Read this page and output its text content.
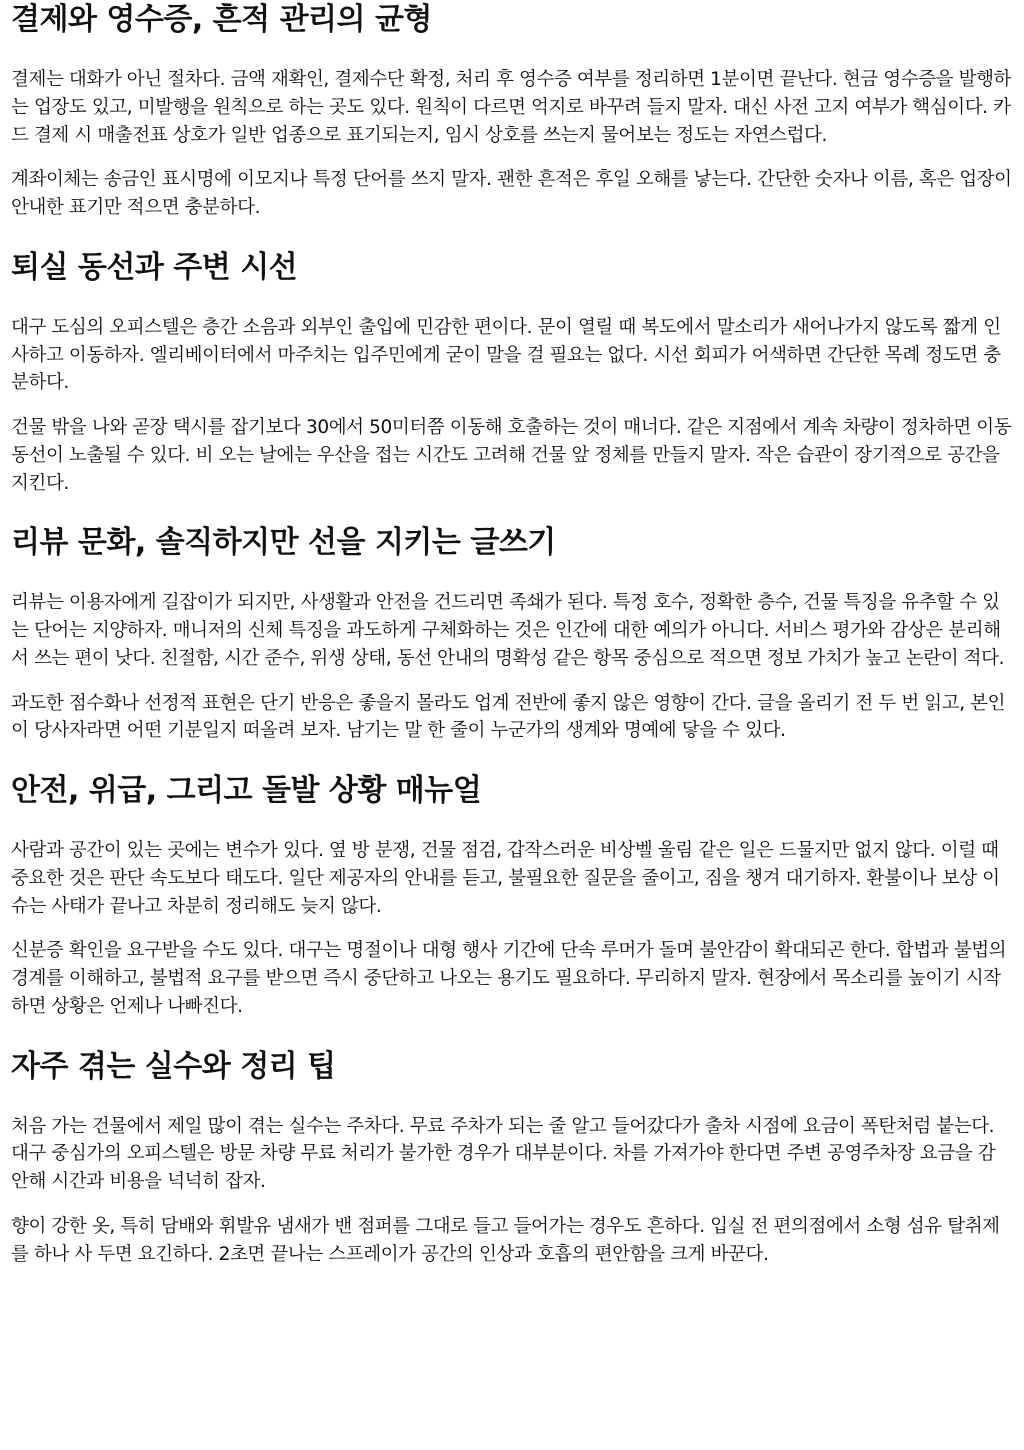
결제와 영수증, 흔적 관리의 균형

결제는 대화가 아닌 절차다. 금액 재확인, 결제수단 확정, 처리 후 영수증 여부를 정리하면 1분이면 끝난다. 현금 영수증을 발행하는 업장도 있고, 미발행을 원칙으로 하는 곳도 있다. 원칙이 다르면 억지로 바꾸려 들지 말자. 대신 사전 고지 여부가 핵심이다. 카드 결제 시 매출전표 상호가 일반 업종으로 표기되는지, 임시 상호를 쓰는지 물어보는 정도는 자연스럽다.

계좌이체는 송금인 표시명에 이모지나 특정 단어를 쓰지 말자. 괜한 흔적은 후일 오해를 낳는다. 간단한 숫자나 이름, 혹은 업장이 안내한 표기만 적으면 충분하다.

퇴실 동선과 주변 시선

대구 도심의 오피스텔은 층간 소음과 외부인 출입에 민감한 편이다. 문이 열릴 때 복도에서 말소리가 새어나가지 않도록 짧게 인사하고 이동하자. 엘리베이터에서 마주치는 입주민에게 굳이 말을 걸 필요는 없다. 시선 회피가 어색하면 간단한 목례 정도면 충분하다.

건물 밖을 나와 곧장 택시를 잡기보다 30에서 50미터쯤 이동해 호출하는 것이 매너다. 같은 지점에서 계속 차량이 정차하면 이동 동선이 노출될 수 있다. 비 오는 날에는 우산을 접는 시간도 고려해 건물 앞 정체를 만들지 말자. 작은 습관이 장기적으로 공간을 지킨다.

리뷰 문화, 솔직하지만 선을 지키는 글쓰기

리뷰는 이용자에게 길잡이가 되지만, 사생활과 안전을 건드리면 족쇄가 된다. 특정 호수, 정확한 층수, 건물 특징을 유추할 수 있는 단어는 지양하자. 매니저의 신체 특징을 과도하게 구체화하는 것은 인간에 대한 예의가 아니다. 서비스 평가와 감상은 분리해서 쓰는 편이 낫다. 친절함, 시간 준수, 위생 상태, 동선 안내의 명확성 같은 항목 중심으로 적으면 정보 가치가 높고 논란이 적다.

과도한 점수화나 선정적 표현은 단기 반응은 좋을지 몰라도 업계 전반에 좋지 않은 영향이 간다. 글을 올리기 전 두 번 읽고, 본인이 당사자라면 어떤 기분일지 떠올려 보자. 남기는 말 한 줄이 누군가의 생계와 명예에 닿을 수 있다.

안전, 위급, 그리고 돌발 상황 매뉴얼

사람과 공간이 있는 곳에는 변수가 있다. 옆 방 분쟁, 건물 점검, 갑작스러운 비상벨 울림 같은 일은 드물지만 없지 않다. 이럴 때 중요한 것은 판단 속도보다 태도다. 일단 제공자의 안내를 듣고, 불필요한 질문을 줄이고, 짐을 챙겨 대기하자. 환불이나 보상 이슈는 사태가 끝나고 차분히 정리해도 늦지 않다.

신분증 확인을 요구받을 수도 있다. 대구는 명절이나 대형 행사 기간에 단속 루머가 돌며 불안감이 확대되곤 한다. 합법과 불법의 경계를 이해하고, 불법적 요구를 받으면 즉시 중단하고 나오는 용기도 필요하다. 무리하지 말자. 현장에서 목소리를 높이기 시작하면 상황은 언제나 나빠진다.

자주 겪는 실수와 정리 팁

처음 가는 건물에서 제일 많이 겪는 실수는 주차다. 무료 주차가 되는 줄 알고 들어갔다가 출차 시점에 요금이 폭탄처럼 붙는다. 대구 중심가의 오피스텔은 방문 차량 무료 처리가 불가한 경우가 대부분이다. 차를 가져가야 한다면 주변 공영주차장 요금을 감안해 시간과 비용을 넉넉히 잡자.

향이 강한 옷, 특히 담배와 휘발유 냄새가 밴 점퍼를 그대로 들고 들어가는 경우도 흔하다. 입실 전 편의점에서 소형 섬유 탈취제를 하나 사 두면 요긴하다. 2초면 끝나는 스프레이가 공간의 인상과 호흡의 편안함을 크게 바꾼다.
